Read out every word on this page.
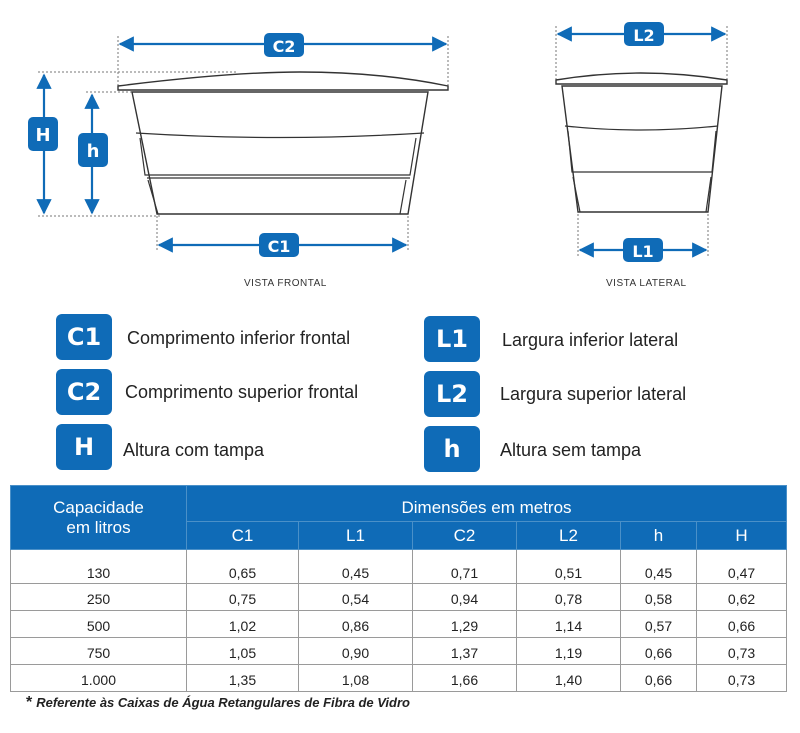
C2
C1
H
h
L2
L1
VISTA FRONTAL	VISTA LATERAL
C1	Comprimento inferior frontal
C2	Comprimento superior frontal
H	Altura com tampa
L1	Largura inferior lateral
L2	Largura superior lateral
h	Altura sem tampa
Capacidade
em litros	Dimensões em metros					
	C1	L1	C2	L2	h	H
130	0,65	0,45	0,71	0,51	0,45	0,47
250	0,75	0,54	0,94	0,78	0,58	0,62
500	1,02	0,86	1,29	1,14	0,57	0,66
750	1,05	0,90	1,37	1,19	0,66	0,73
1.000	1,35	1,08	1,66	1,40	0,66	0,73
* Referente às Caixas de Água Retangulares de Fibra de Vidro
